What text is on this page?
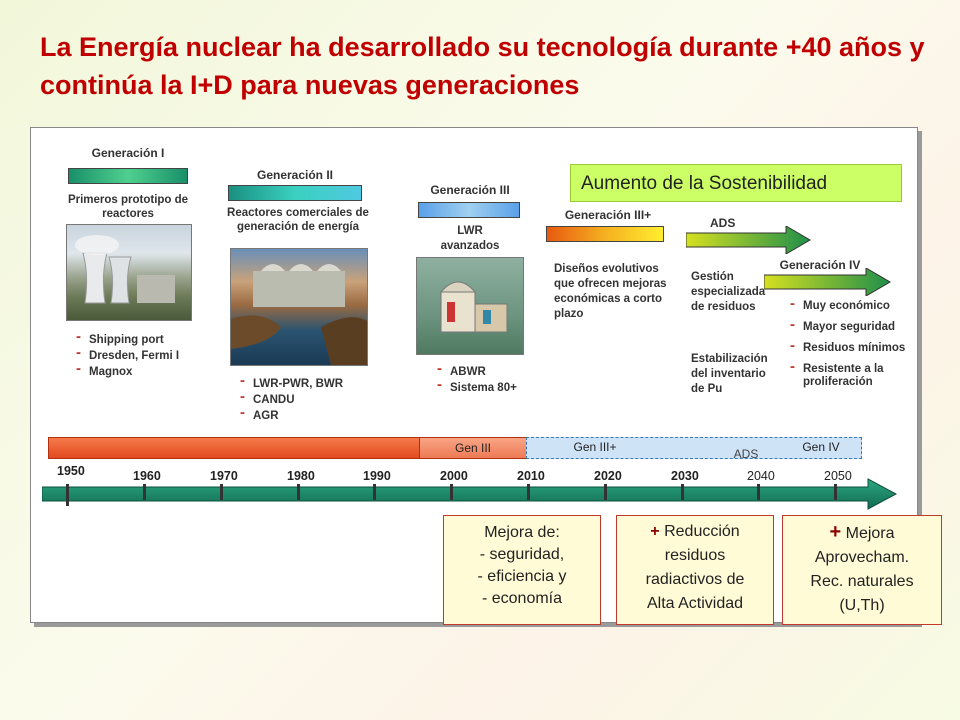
La Energía nuclear ha desarrollado su tecnología durante +40 años y continúa la I+D para nuevas generaciones
Generación I
Primeros prototipo de reactores
- Shipping port
- Dresden, Fermi I
- Magnox
Generación II
Reactores comerciales de generación de energía
- LWR-PWR, BWR
- CANDU
- AGR
Generación III
LWR avanzados
- ABWR
- Sistema 80+
Generación III+
Diseños evolutivos que ofrecen mejoras económicas a corto plazo
Aumento de la Sostenibilidad
ADS
Gestión especializada de residuos
Estabilización del inventario de Pu
Generación IV
- Muy económico
- Mayor seguridad
- Residuos mínimos
- Resistente a la proliferación
Gen III	Gen III+	ADS	Gen IV
1950	1960	1970	1980	1990	2000	2010	2020	2030	2040	2050
Mejora de:
- seguridad,
- eficiencia y
- economía
+ Reducción
residuos
radiactivos de
Alta Actividad
+ Mejora
Aprovecham.
Rec. naturales
(U,Th)
